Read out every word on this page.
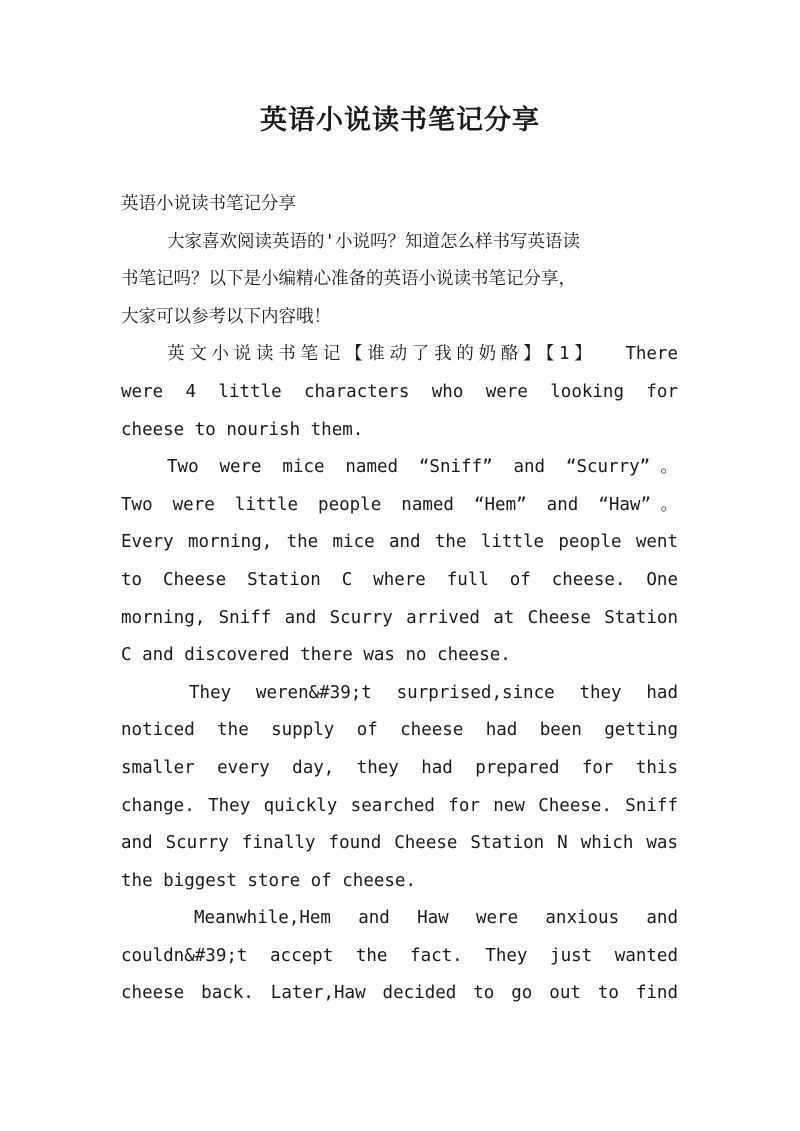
英语小说读书笔记分享
英语小说读书笔记分享
大家喜欢阅读英语的'小说吗？知道怎么样书写英语读
书笔记吗？以下是小编精心准备的英语小说读书笔记分享，
大家可以参考以下内容哦！
英文小说读书笔记【谁动了我的奶酪】【1】　 There
were 4 little characters who were looking for
cheese to nourish them.
Two were mice named “Sniff” and “Scurry”。
Two were little people named “Hem” and “Haw”。
Every morning, the mice and the little people went
to Cheese Station C where full of cheese. One
morning, Sniff and Scurry arrived at Cheese Station
C and discovered there was no cheese.
They weren&#39;t surprised,since they had
noticed the supply of cheese had been getting
smaller every day, they had prepared for this
change. They quickly searched for new Cheese. Sniff
and Scurry finally found Cheese Station N which was
the biggest store of cheese.
Meanwhile,Hem and Haw were anxious and
couldn&#39;t accept the fact. They just wanted
cheese back. Later,Haw decided to go out to find
